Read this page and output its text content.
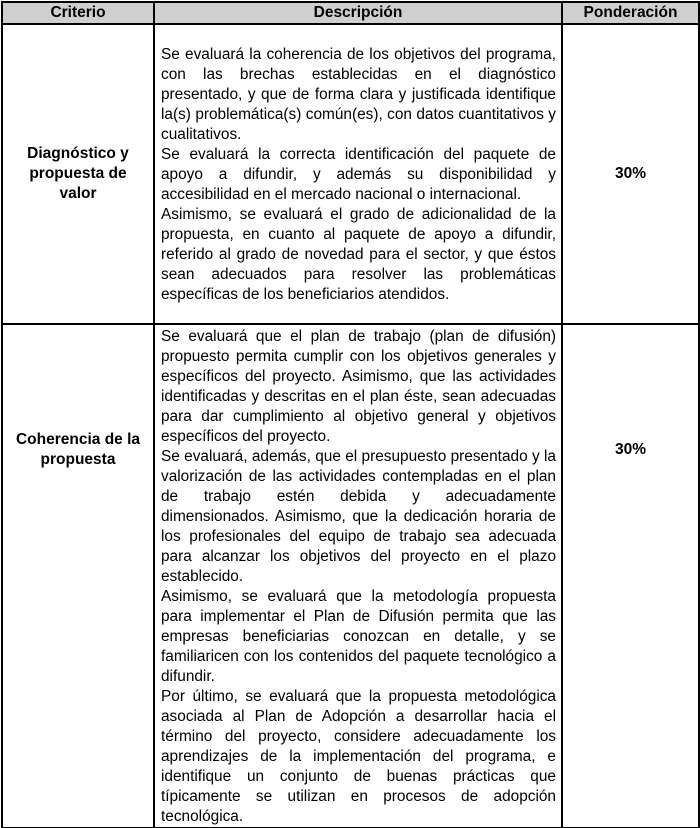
Criterio	Descripción	Ponderación
Diagnóstico y propuesta de valor	Se evaluará la coherencia de los objetivos del programa, con las brechas establecidas en el diagnóstico presentado, y que de forma clara y justificada identifique la(s) problemática(s) común(es), con datos cuantitativos y cualitativos.

Se evaluará la correcta identificación del paquete de apoyo a difundir, y además su disponibilidad y accesibilidad en el mercado nacional o internacional.

Asimismo, se evaluará el grado de adicionalidad de la propuesta, en cuanto al paquete de apoyo a difundir, referido al grado de novedad para el sector, y que éstos sean adecuados para resolver las problemáticas específicas de los beneficiarios atendidos.	30%
Coherencia de la propuesta	Se evaluará que el plan de trabajo (plan de difusión) propuesto permita cumplir con los objetivos generales y específicos del proyecto. Asimismo, que las actividades identificadas y descritas en el plan éste, sean adecuadas para dar cumplimiento al objetivo general y objetivos específicos del proyecto.

Se evaluará, además, que el presupuesto presentado y la valorización de las actividades contempladas en el plan de trabajo estén debida y adecuadamente dimensionados. Asimismo, que la dedicación horaria de los profesionales del equipo de trabajo sea adecuada para alcanzar los objetivos del proyecto en el plazo establecido.

Asimismo, se evaluará que la metodología propuesta para implementar el Plan de Difusión permita que las empresas beneficiarias conozcan en detalle, y se familiaricen con los contenidos del paquete tecnológico a difundir.

Por último, se evaluará que la propuesta metodológica asociada al Plan de Adopción a desarrollar hacia el término del proyecto, considere adecuadamente los aprendizajes de la implementación del programa, e identifique un conjunto de buenas prácticas que típicamente se utilizan en procesos de adopción tecnológica.	30%
